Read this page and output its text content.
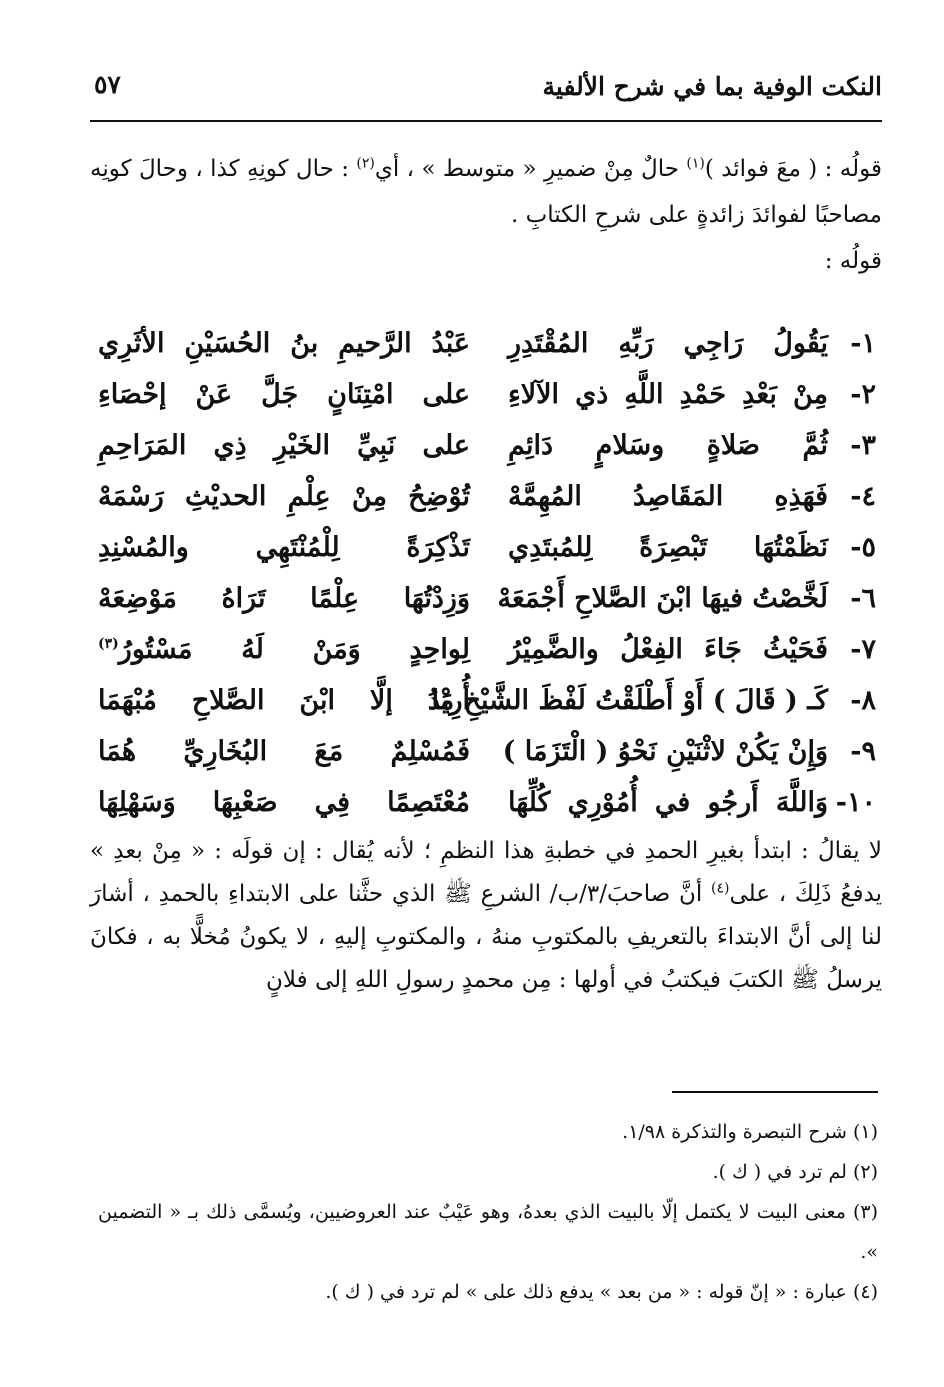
النكت الوفية بما في شرح الألفية
٥٧

قولُه : ( معَ فوائد )$^{(١)}$ حالٌ مِنْ ضميرِ « متوسط » ، أي$^{(٢)}$ : حال كونِهِ كذا ، وحالَ كونِه مصاحبًا لفوائدَ زائدةٍ على شرحِ الكتابِ .

قولُه :

١-
يَقُولُ رَاجِي رَبِّهِ المُقْتَدِرِ
عَبْدُ الرَّحيمِ بنُ الحُسَيْنِ الأثَرِي
٢-
مِنْ بَعْدِ حَمْدِ اللَّهِ ذي الآلاءِ
على امْتِنَانٍ جَلَّ عَنْ إحْصَاءِ
٣-
ثُمَّ صَلاةٍ وسَلامٍ دَائِمِ
على نَبِيِّ الخَيْرِ ذِي المَرَاحِمِ
٤-
فَهَذِهِ المَقَاصِدُ المُهِمَّهْ
تُوْضِحُ مِنْ عِلْمِ الحديْثِ رَسْمَهْ
٥-
نَظَمْتُهَا تَبْصِرَةً لِلمُبتَدِي
تَذْكِرَةً لِلْمُنْتَهِي والمُسْنِدِ
٦-
لَخَّصْتُ فيهَا ابْنَ الصَّلاحِ أَجْمَعَهْ
وَزِدْتُهَا عِلْمًا تَرَاهُ مَوْضِعَهْ
٧-
فَحَيْثُ جَاءَ الفِعْلُ والضَّمِيْرُ
لِواحِدٍ وَمَنْ لَهُ مَسْتُورُ$^{(٣)}$
٨-
كَـ ( قَالَ ) أَوْ أَطْلَقْتُ لَفْظَ الشَّيْخِ مَا
أُرِيْدُ إلَّا ابْنَ الصَّلاحِ مُبْهَمَا
٩-
وَإِنْ يَكُنْ لاثْنَيْنِ نَحْوُ ( الْتَزَمَا )
فَمُسْلِمٌ مَعَ البُخَارِيِّ هُمَا
١٠-
وَاللَّهَ أَرجُو في أُمُوْرِي كُلِّهَا
مُعْتَصِمًا فِي صَعْبِهَا وَسَهْلِهَا

لا يقالُ : ابتدأ بغيرِ الحمدِ في خطبةِ هذا النظمِ ؛ لأنه يُقال : إن قولَه : « مِنْ بعدِ » يدفعُ ذَلِكَ ، على$^{(٤)}$ أنَّ صاحبَ/٣/ب/ الشرعِ ﷺ الذي حثَّنا على الابتداءِ بالحمدِ ، أشارَ لنا إلى أنَّ الابتداءَ بالتعريفِ بالمكتوبِ منهُ ، والمكتوبِ إليهِ ، لا يكونُ مُخلًّا به ، فكانَ يرسلُ ﷺ الكتبَ فيكتبُ في أولها : مِن محمدٍ رسولِ اللهِ إلى فلانٍ

(١) شرح التبصرة والتذكرة ١/٩٨.

(٢) لم ترد في ( ك ).

(٣) معنى البيت لا يكتمل إلّا بالبيت الذي بعدهُ، وهو عَيْبٌ عند العروضيين، ويُسمَّى ذلك بـ « التضمين ».

(٤) عبارة : « إنّ قوله : « من بعد » يدفع ذلك على » لم ترد في ( ك ).
